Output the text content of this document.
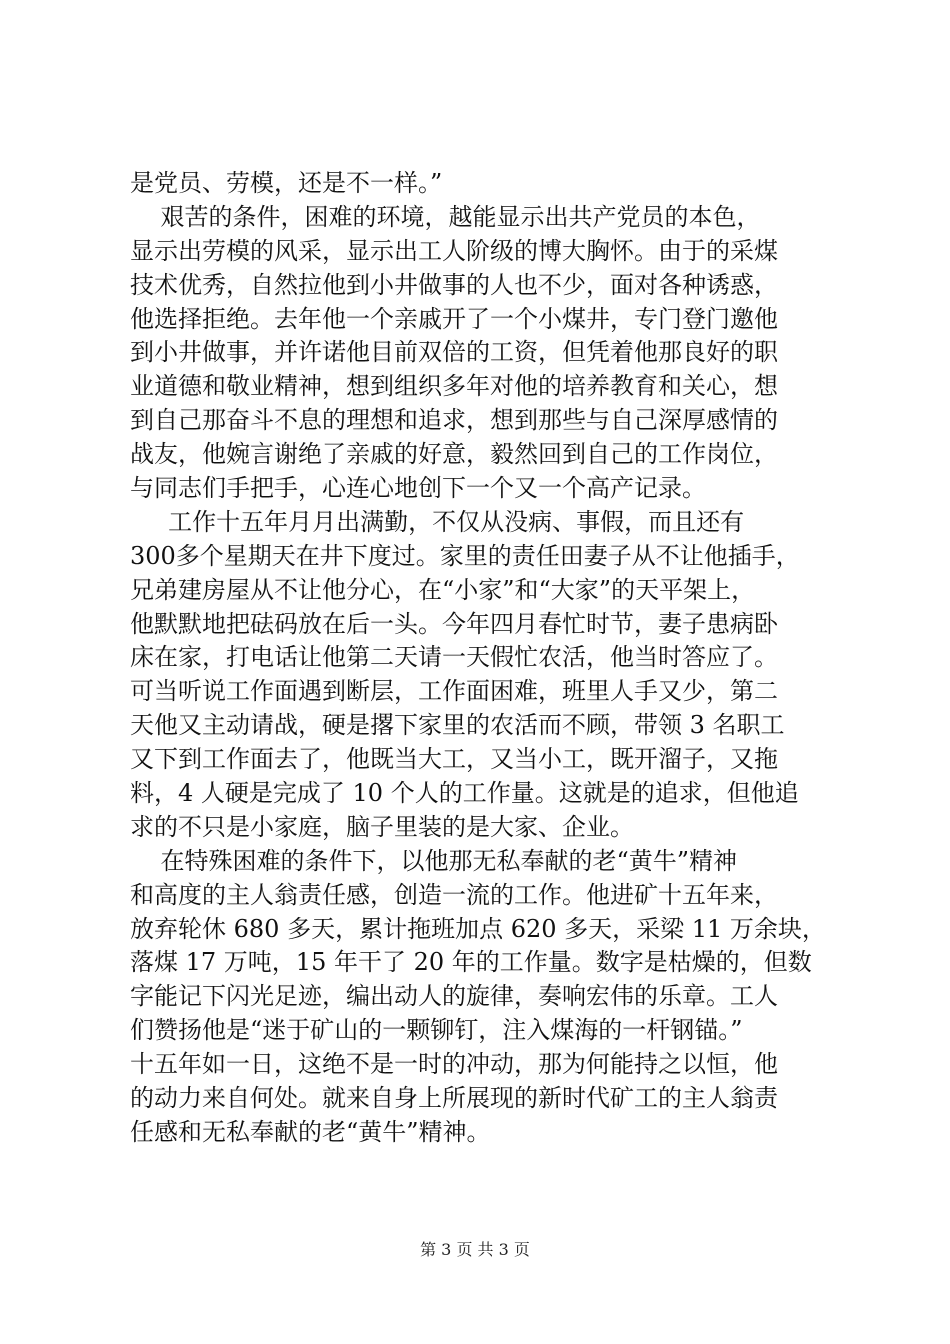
是党员、劳模，还是不一样。”
艰苦的条件，困难的环境，越能显示出共产党员的本色，
显示出劳模的风采，显示出工人阶级的博大胸怀。由于的采煤
技术优秀，自然拉他到小井做事的人也不少，面对各种诱惑，
他选择拒绝。去年他一个亲戚开了一个小煤井，专门登门邀他
到小井做事，并许诺他目前双倍的工资，但凭着他那良好的职
业道德和敬业精神，想到组织多年对他的培养教育和关心，想
到自己那奋斗不息的理想和追求，想到那些与自己深厚感情的
战友，他婉言谢绝了亲戚的好意，毅然回到自己的工作岗位，
与同志们手把手，心连心地创下一个又一个高产记录。
工作十五年月月出满勤，不仅从没病、事假，而且还有
300多个星期天在井下度过。家里的责任田妻子从不让他插手，
兄弟建房屋从不让他分心，在“小家”和“大家”的天平架上，
他默默地把砝码放在后一头。今年四月春忙时节，妻子患病卧
床在家，打电话让他第二天请一天假忙农活，他当时答应了。
可当听说工作面遇到断层，工作面困难，班里人手又少，第二
天他又主动请战，硬是撂下家里的农活而不顾，带领 3 名职工
又下到工作面去了，他既当大工，又当小工，既开溜子，又拖
料，4 人硬是完成了 10 个人的工作量。这就是的追求，但他追
求的不只是小家庭，脑子里装的是大家、企业。
在特殊困难的条件下，以他那无私奉献的老“黄牛”精神
和高度的主人翁责任感，创造一流的工作。他进矿十五年来，
放弃轮休 680 多天，累计拖班加点 620 多天，采梁 11 万余块，
落煤 17 万吨，15 年干了 20 年的工作量。数字是枯燥的，但数
字能记下闪光足迹，编出动人的旋律，奏响宏伟的乐章。工人
们赞扬他是“迷于矿山的一颗铆钉，注入煤海的一杆钢锚。”
十五年如一日，这绝不是一时的冲动，那为何能持之以恒，他
的动力来自何处。就来自身上所展现的新时代矿工的主人翁责
任感和无私奉献的老“黄牛”精神。
第 3 页 共 3 页
